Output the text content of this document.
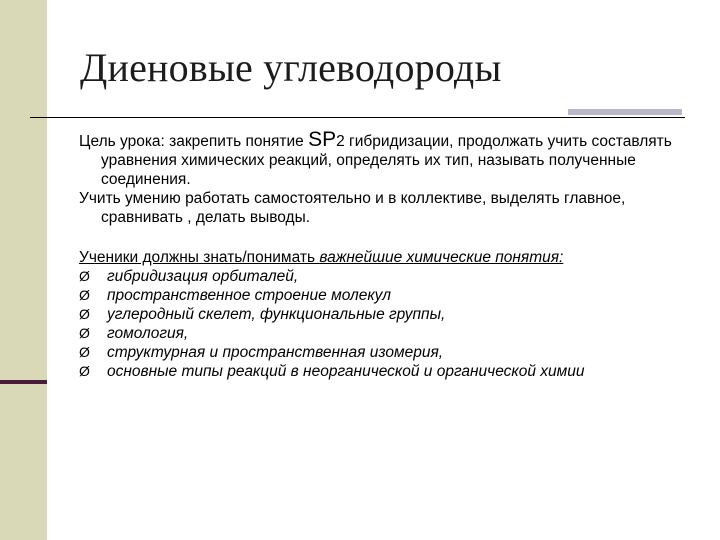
Диеновые углеводороды

Цель урока: закрепить понятие SP2 гибридизации, продолжать учить составлять уравнения химических реакций, определять их тип, называть полученные соединения.

Учить умению работать самостоятельно и в коллективе, выделять главное, сравнивать , делать выводы.

Ученики должны знать/понимать важнейшие химические понятия:

Ø гибридизация орбиталей,
Ø пространственное строение молекул
Ø углеродный скелет, функциональные группы,
Ø гомология,
Ø структурная и пространственная изомерия,
Ø основные типы реакций в неорганической и органической химии
